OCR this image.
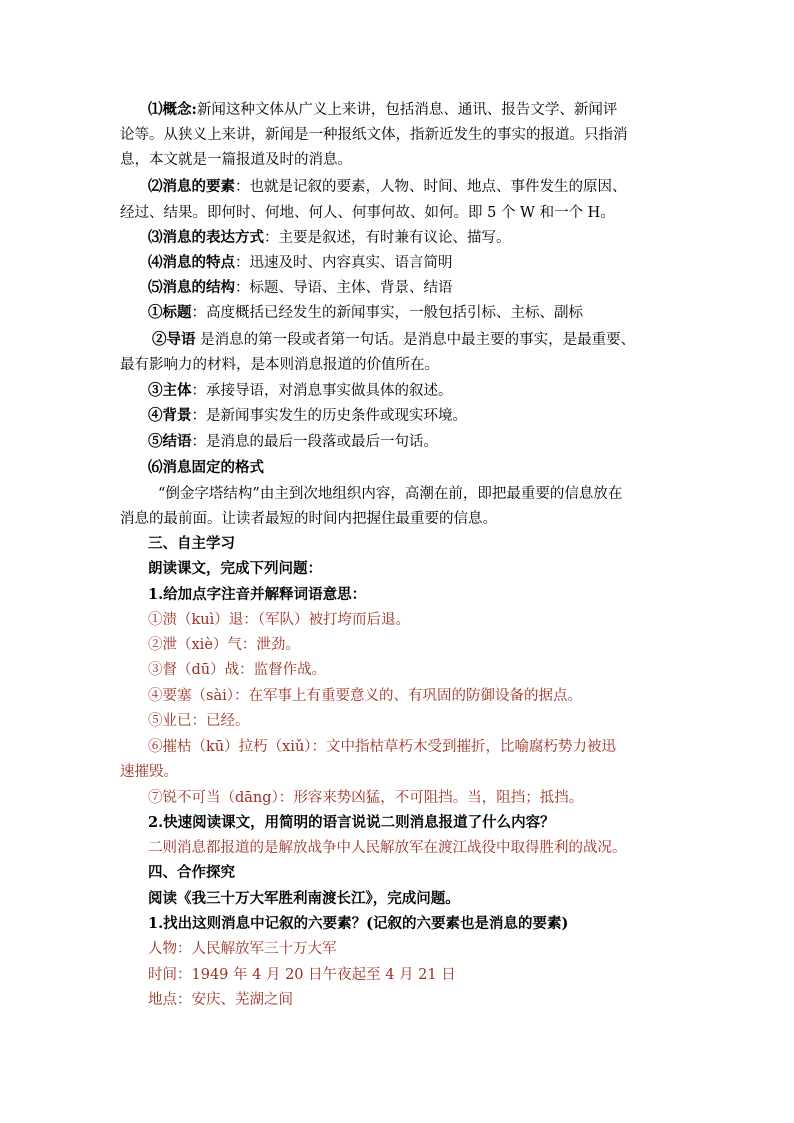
⑴概念:新闻这种文体从广义上来讲，包括消息、通讯、报告文学、新闻评
论等。从狭义上来讲，新闻是一种报纸文体，指新近发生的事实的报道。只指消
息，本文就是一篇报道及时的消息。
⑵消息的要素：也就是记叙的要素，人物、时间、地点、事件发生的原因、
经过、结果。即何时、何地、何人、何事何故、如何。即 5 个 W 和一个 H。
⑶消息的表达方式：主要是叙述，有时兼有议论、描写。
⑷消息的特点：迅速及时、内容真实、语言简明
⑸消息的结构：标题、导语、主体、背景、结语
①标题：高度概括已经发生的新闻事实，一般包括引标、主标、副标
②导语 是消息的第一段或者第一句话。是消息中最主要的事实，是最重要、
最有影响力的材料，是本则消息报道的价值所在。
③主体：承接导语，对消息事实做具体的叙述。
④背景：是新闻事实发生的历史条件或现实环境。
⑤结语：是消息的最后一段落或最后一句话。
⑹消息固定的格式
“倒金字塔结构”由主到次地组织内容，高潮在前，即把最重要的信息放在
消息的最前面。让读者最短的时间内把握住最重要的信息。
三、自主学习
朗读课文，完成下列问题：
1.给加点字注音并解释词语意思：
①溃（kuì）退：（军队）被打垮而后退。
②泄（xiè）气：泄劲。
③督（dū）战：监督作战。
④要塞（sài）：在军事上有重要意义的、有巩固的防御设备的据点。
⑤业已：已经。
⑥摧枯（kū）拉朽（xiǔ）：文中指枯草朽木受到摧折，比喻腐朽势力被迅
速摧毁。
⑦锐不可当（dāng）：形容来势凶猛，不可阻挡。当，阻挡；抵挡。
2.快速阅读课文，用简明的语言说说二则消息报道了什么内容？
二则消息都报道的是解放战争中人民解放军在渡江战役中取得胜利的战况。
四、合作探究
阅读《我三十万大军胜利南渡长江》，完成问题。
1.找出这则消息中记叙的六要素？(记叙的六要素也是消息的要素)
人物：人民解放军三十万大军
时间：1949 年 4 月 20 日午夜起至 4 月 21 日
地点：安庆、芜湖之间
